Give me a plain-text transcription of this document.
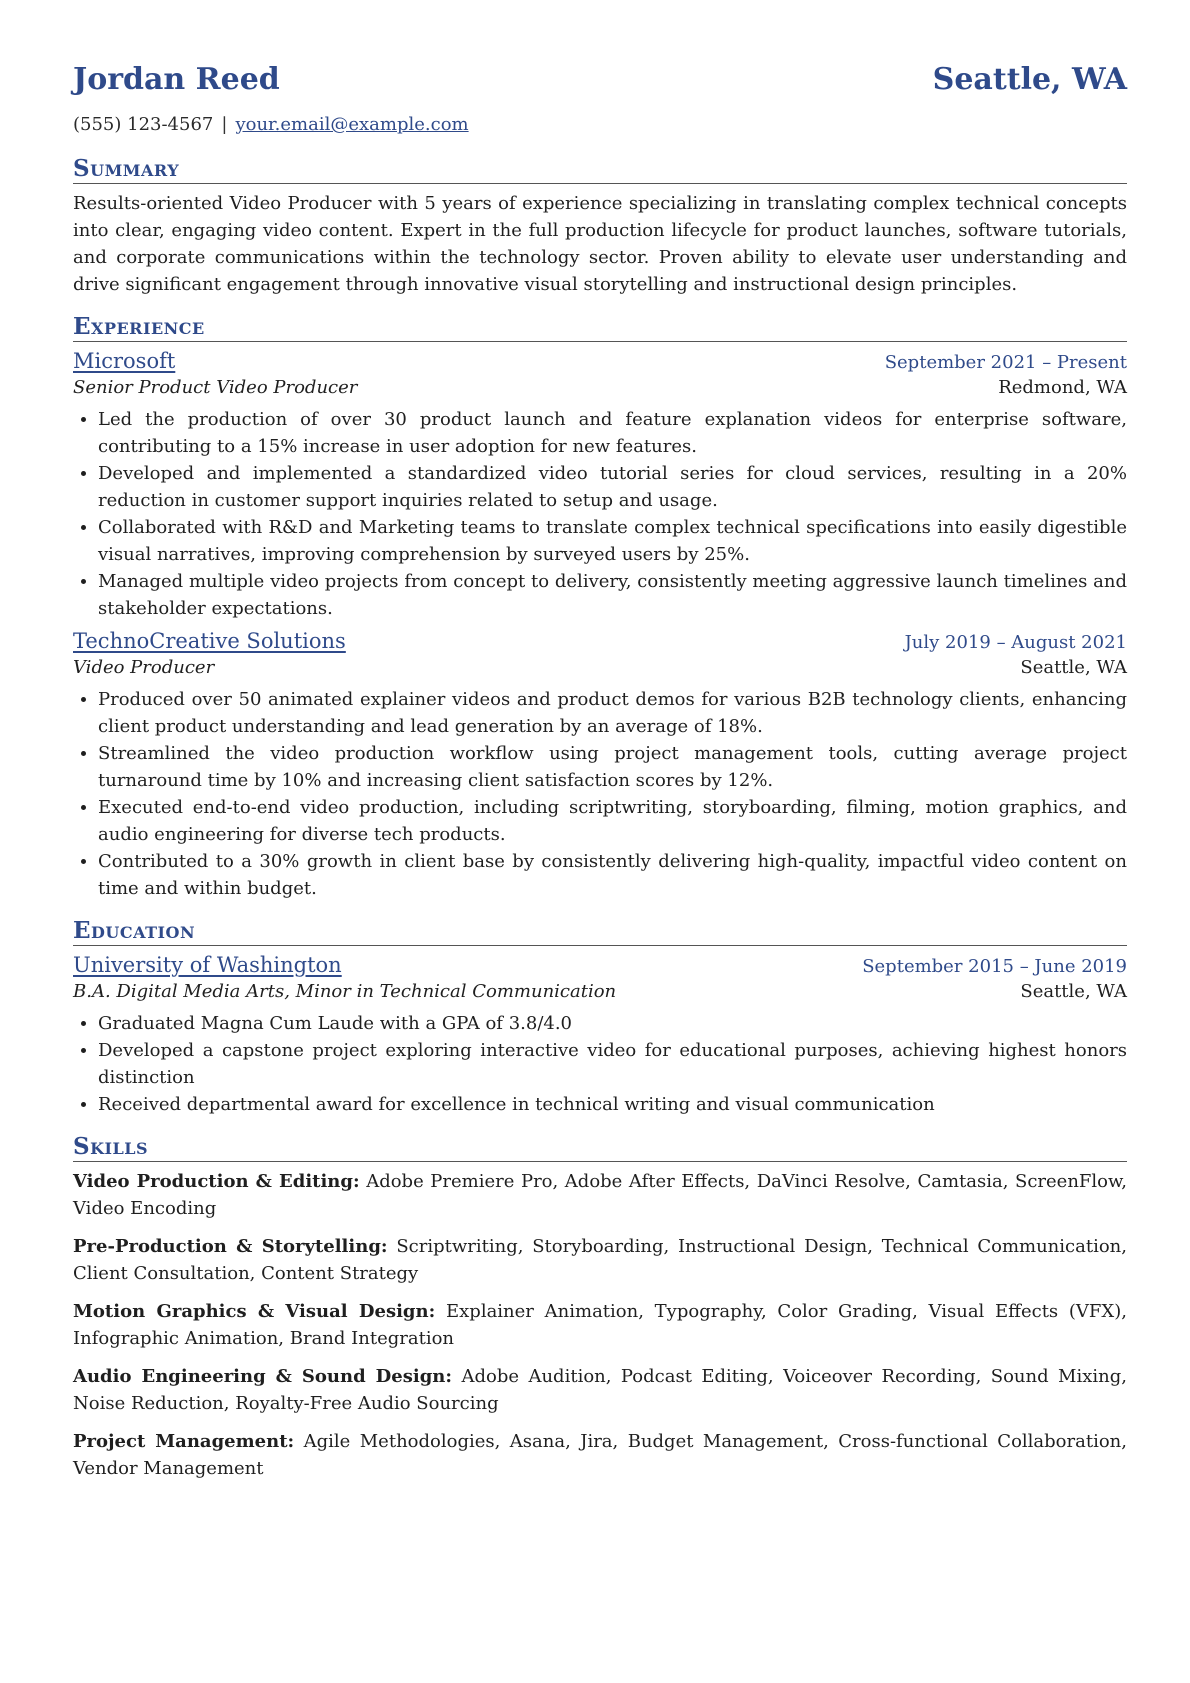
Jordan Reed	Seattle, WA
(555) 123-4567 | your.email@example.com
Summary
Results-oriented Video Producer with 5 years of experience specializing in translating complex technical concepts into clear, engaging video content. Expert in the full production lifecycle for product launches, software tutorials, and corporate communications within the technology sector. Proven ability to elevate user understanding and drive significant engagement through innovative visual storytelling and instructional design principles.
Experience
Microsoft	September 2021 – Present
Senior Product Video Producer	Redmond, WA
• Led the production of over 30 product launch and feature explanation videos for enterprise software, contributing to a 15% increase in user adoption for new features.
• Developed and implemented a standardized video tutorial series for cloud services, resulting in a 20% reduction in customer support inquiries related to setup and usage.
• Collaborated with R&D and Marketing teams to translate complex technical specifications into easily digestible visual narratives, improving comprehension by surveyed users by 25%.
• Managed multiple video projects from concept to delivery, consistently meeting aggressive launch timelines and stakeholder expectations.
TechnoCreative Solutions	July 2019 – August 2021
Video Producer	Seattle, WA
• Produced over 50 animated explainer videos and product demos for various B2B technology clients, enhancing client product understanding and lead generation by an average of 18%.
• Streamlined the video production workflow using project management tools, cutting average project turnaround time by 10% and increasing client satisfaction scores by 12%.
• Executed end-to-end video production, including scriptwriting, storyboarding, filming, motion graphics, and audio engineering for diverse tech products.
• Contributed to a 30% growth in client base by consistently delivering high-quality, impactful video content on time and within budget.
Education
University of Washington	September 2015 – June 2019
B.A. Digital Media Arts, Minor in Technical Communication	Seattle, WA
• Graduated Magna Cum Laude with a GPA of 3.8/4.0
• Developed a capstone project exploring interactive video for educational purposes, achieving highest honors distinction
• Received departmental award for excellence in technical writing and visual communication
Skills
Video Production & Editing: Adobe Premiere Pro, Adobe After Effects, DaVinci Resolve, Camtasia, ScreenFlow, Video Encoding
Pre-Production & Storytelling: Scriptwriting, Storyboarding, Instructional Design, Technical Communication, Client Consultation, Content Strategy
Motion Graphics & Visual Design: Explainer Animation, Typography, Color Grading, Visual Effects (VFX), Infographic Animation, Brand Integration
Audio Engineering & Sound Design: Adobe Audition, Podcast Editing, Voiceover Recording, Sound Mixing, Noise Reduction, Royalty-Free Audio Sourcing
Project Management: Agile Methodologies, Asana, Jira, Budget Management, Cross-functional Collaboration, Vendor Management
